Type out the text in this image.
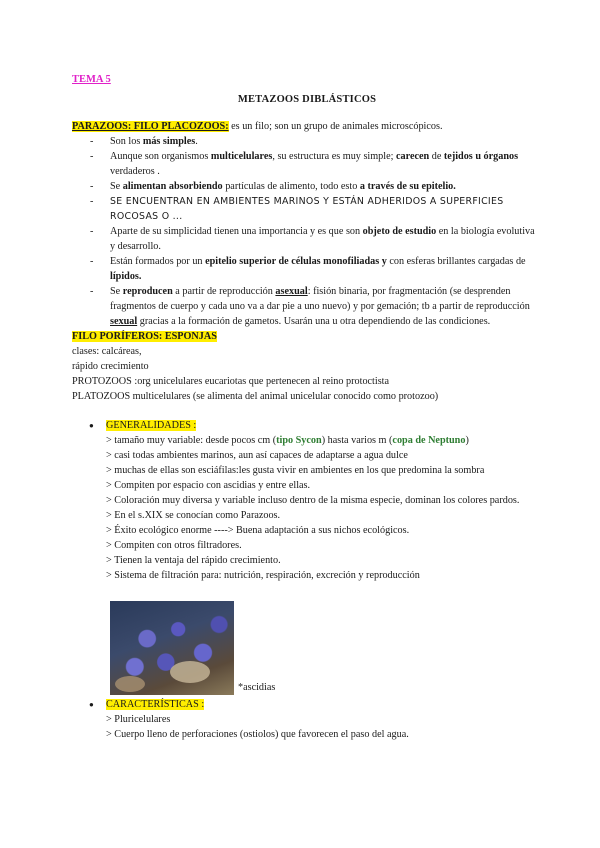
TEMA 5
METAZOOS DIBLÁSTICOS
PARAZOOS: FILO PLACOZOOS: es un filo; son un grupo de animales microscópicos.
- Son los más simples.
- Aunque son organismos multicelulares, su estructura es muy simple; carecen de tejidos u órganos verdaderos .
- Se alimentan absorbiendo partículas de alimento, todo esto a través de su epitelio.
- SE ENCUENTRAN EN AMBIENTES MARINOS Y ESTÁN ADHERIDOS A SUPERFICIES ROCOSAS O ...
- Aparte de su simplicidad tienen una importancia y es que son objeto de estudio en la biología evolutiva y desarrollo.
- Están formados por un epitelio superior de células monofiliadas y con esferas brillantes cargadas de lípidos.
- Se reproducen a partir de reproducción asexual: fisión binaria, por fragmentación (se desprenden fragmentos de cuerpo y cada uno va a dar pie a uno nuevo) y por gemación; tb a partir de reproducción sexual gracias a la formación de gametos. Usarán una u otra dependiendo de las condiciones.
FILO PORÍFEROS: ESPONJAS
clases: calcáreas,
rápido crecimiento
PROTOZOOS :org unicelulares eucariotas que pertenecen al reino protoctista
PLATOZOOS multicelulares (se alimenta del animal unicelular conocido como protozoo)
● GENERALIDADES :
> tamaño muy variable: desde pocos cm (tipo Sycon) hasta varios m (copa de Neptuno)
> casi todas ambientes marinos, aun así capaces de adaptarse a agua dulce
> muchas de ellas son esciáfilas:les gusta vivir en ambientes en los que predomina la sombra
> Compiten por espacio con ascidias y entre ellas.
> Coloración muy diversa y variable incluso dentro de la misma especie, dominan los colores pardos.
> En el s.XIX se conocían como Parazoos.
> Éxito ecológico enorme ----> Buena adaptación a sus nichos ecológicos.
> Compiten con otros filtradores.
> Tienen la ventaja del rápido crecimiento.
> Sistema de filtración para: nutrición, respiración, excreción y reproducción
*ascidias
● CARACTERÍSTICAS :
> Pluricelulares
> Cuerpo lleno de perforaciones (ostiolos) que favorecen el paso del agua.
